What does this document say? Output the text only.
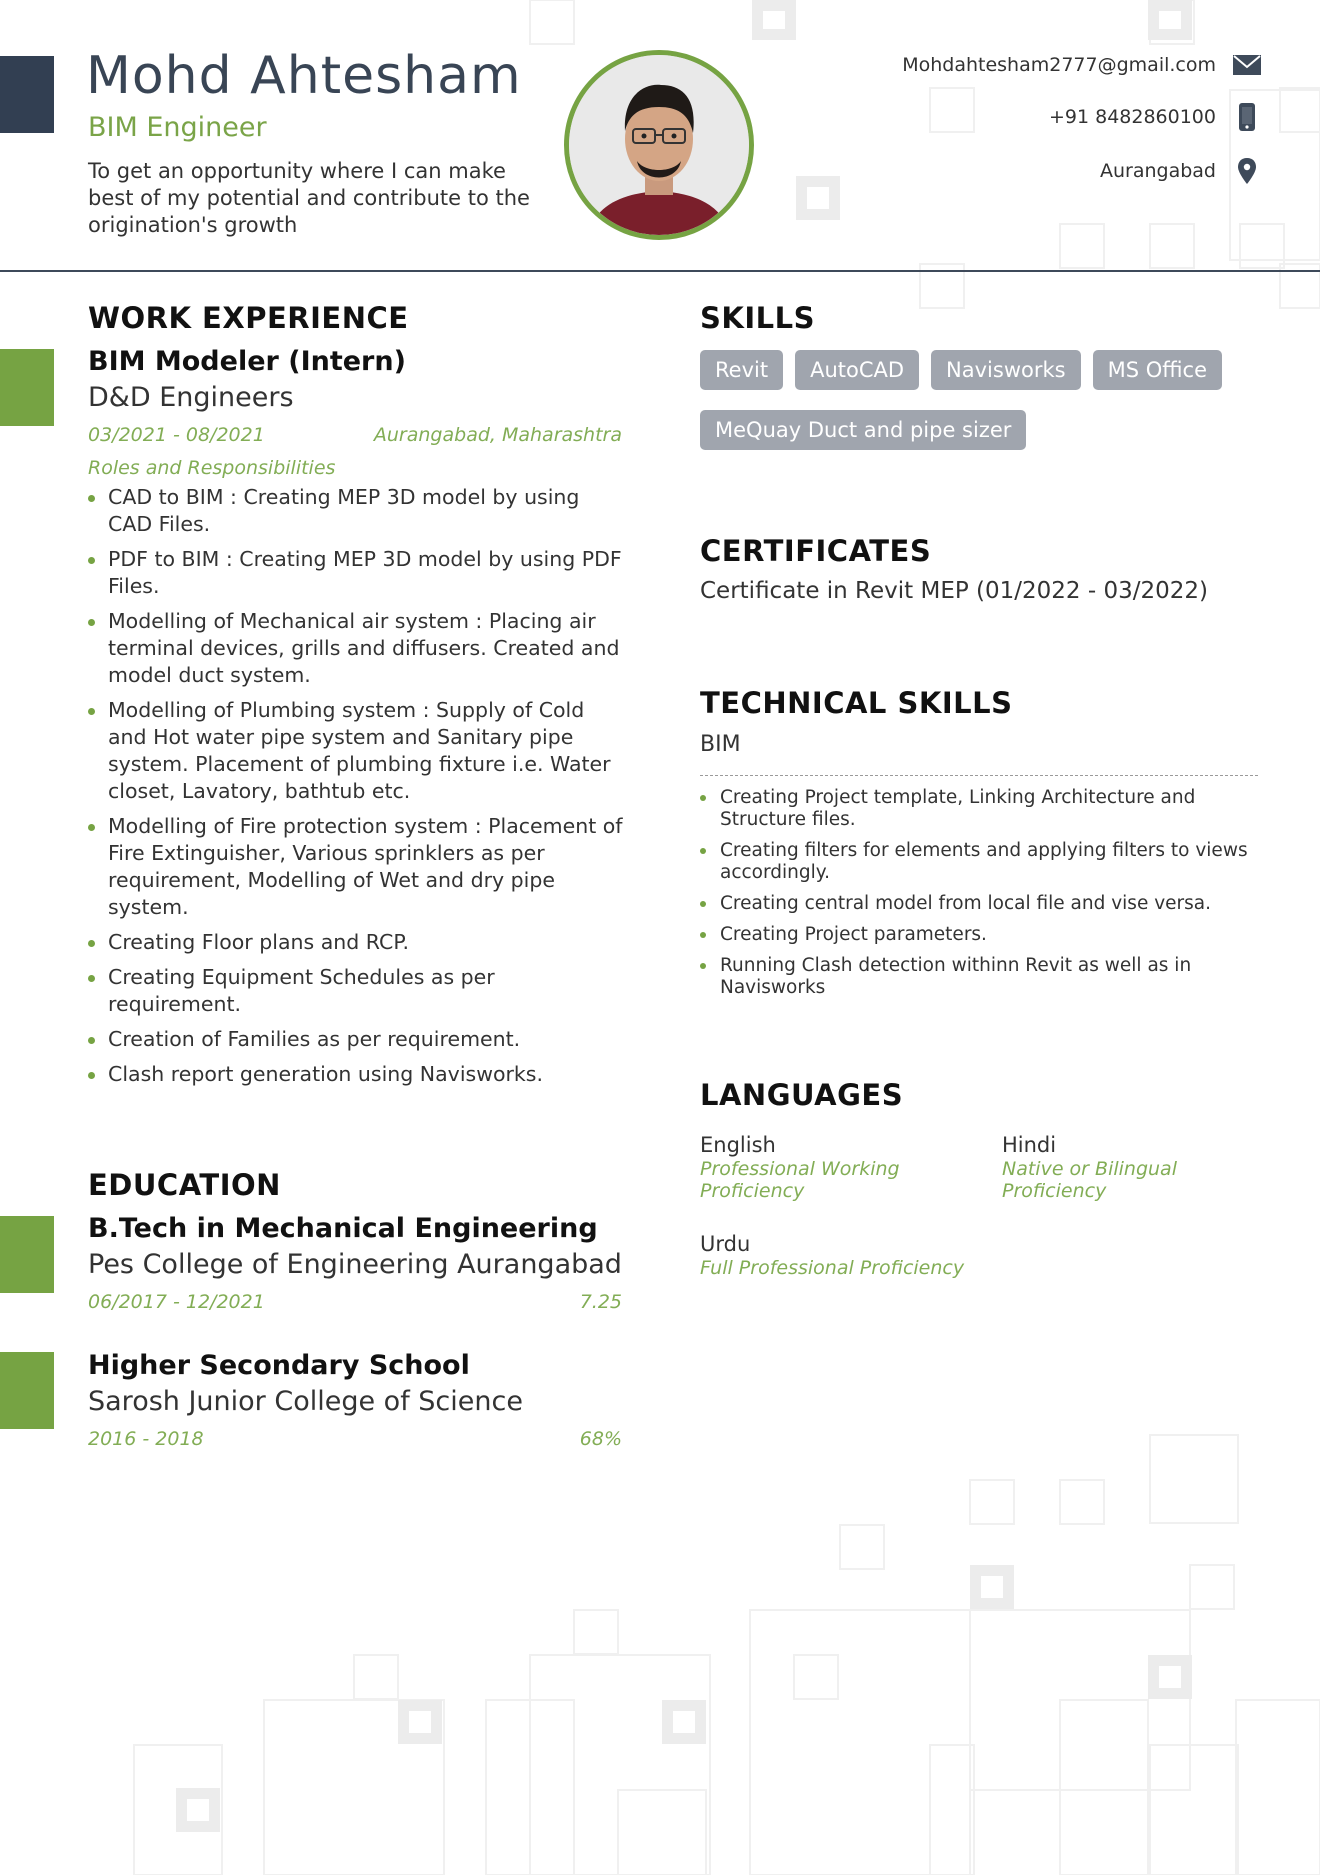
Mohd Ahtesham
BIM Engineer
To get an opportunity where I can make best of my potential and contribute to the origination's growth
Mohdahtesham2777@gmail.com
+91 8482860100
Aurangabad
WORK EXPERIENCE
BIM Modeler (Intern)
D&D Engineers
03/2021 - 08/2021	Aurangabad, Maharashtra
Roles and Responsibilities
CAD to BIM : Creating MEP 3D model by using CAD Files.
PDF to BIM : Creating MEP 3D model by using PDF Files.
Modelling of Mechanical air system : Placing air terminal devices, grills and diffusers. Created and model duct system.
Modelling of Plumbing system : Supply of Cold and Hot water pipe system and Sanitary pipe system. Placement of plumbing fixture i.e. Water closet, Lavatory, bathtub etc.
Modelling of Fire protection system : Placement of Fire Extinguisher, Various sprinklers as per requirement, Modelling of Wet and dry pipe system.
Creating Floor plans and RCP.
Creating Equipment Schedules as per requirement.
Creation of Families as per requirement.
Clash report generation using Navisworks.
EDUCATION
B.Tech in Mechanical Engineering
Pes College of Engineering Aurangabad
06/2017 - 12/2021	7.25
Higher Secondary School
Sarosh Junior College of Science
2016 - 2018	68%
SKILLS
Revit	AutoCAD	Navisworks	MS Office
MeQuay Duct and pipe sizer
CERTIFICATES
Certificate in Revit MEP (01/2022 - 03/2022)
TECHNICAL SKILLS
BIM
Creating Project template, Linking Architecture and Structure files.
Creating filters for elements and applying filters to views accordingly.
Creating central model from local file and vise versa.
Creating Project parameters.
Running Clash detection withinn Revit as well as in Navisworks
LANGUAGES
English
Professional Working Proficiency
Hindi
Native or Bilingual Proficiency
Urdu
Full Professional Proficiency
